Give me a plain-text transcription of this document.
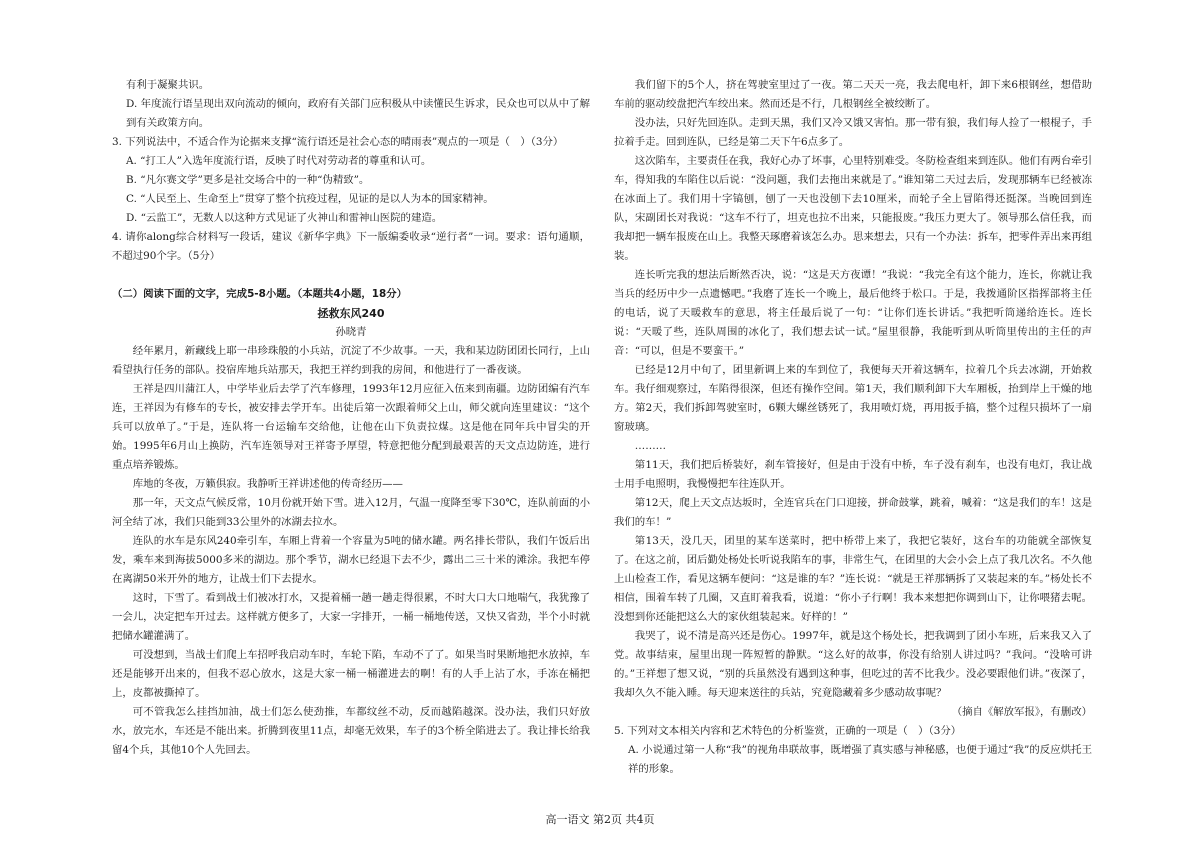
有利于凝聚共识。

D. 年度流行语呈现出双向流动的倾向，政府有关部门应积极从中读懂民生诉求，民众也可以从中了解到有关政策方向。

3. 下列说法中，不适合作为论据来支撑“流行语还是社会心态的晴雨表”观点的一项是（　）（3分）

A. “打工人”入选年度流行语，反映了时代对劳动者的尊重和认可。

B. “凡尔赛文学”更多是社交场合中的一种“伪精致”。

C. “人民至上、生命至上”贯穿了整个抗疫过程，见证的是以人为本的国家精神。

D. “云监工”，无数人以这种方式见证了火神山和雷神山医院的建造。

4. 请你along综合材料写一段话，建议《新华字典》下一版编委收录“逆行者”一词。要求：语句通顺，不超过90个字。（5分）

（二）阅读下面的文字，完成5-8小题。（本题共4小题，18分）

拯救东风240

孙晓青

经年累月，新藏线上耶一串珍珠般的小兵站，沉淀了不少故事。一天，我和某边防团团长同行，上山看望执行任务的部队。投宿库地兵站那天，我把王祥约到我的房间，和他进行了一番夜谈。

王祥是四川蒲江人，中学毕业后去学了汽车修理，1993年12月应征入伍来到南疆。边防团编有汽车连，王祥因为有修车的专长，被安排去学开车。出徒后第一次跟着师父上山，师父就向连里建议：“这个兵可以放单了。”于是，连队将一台运输车交给他，让他在山下负责拉煤。这是他在同年兵中冒尖的开始。1995年6月山上换防，汽车连领导对王祥寄予厚望，特意把他分配到最艰苦的天文点边防连，进行重点培养锻炼。

库地的冬夜，万籁俱寂。我静听王祥讲述他的传奇经历——

那一年，天文点气候反常，10月份就开始下雪。进入12月，气温一度降至零下30℃，连队前面的小河全结了冰，我们只能到33公里外的冰湖去拉水。

连队的水车是东风240牵引车，车厢上背着一个容量为5吨的储水罐。两名排长带队，我们午饭后出发，乘车来到海拔5000多米的湖边。那个季节，湖水已经退下去不少，露出二三十米的滩涂。我把车停在离湖50米开外的地方，让战士们下去提水。

这时，下雪了。看到战士们被冰打水，又提着桶一趟一趟走得很累，不时大口大口地喘气，我犹豫了一会儿，决定把车开过去。这样就方便多了，大家一字排开，一桶一桶地传送，又快又省劲，半个小时就把储水罐灌满了。

可没想到，当战士们爬上车招呼我启动车时，车轮下陷，车动不了了。如果当时果断地把水放掉，车还是能够开出来的，但我不忍心放水，这是大家一桶一桶灌进去的啊！有的人手上沾了水，手冻在桶把上，皮都被撕掉了。

可不管我怎么挂挡加油，战士们怎么使劲推，车都纹丝不动，反而越陷越深。没办法，我们只好放水，放完水，车还是不能出来。折腾到夜里11点，却毫无效果，车子的3个桥全陷进去了。我让排长给我留4个兵，其他10个人先回去。

我们留下的5个人，挤在驾驶室里过了一夜。第二天天一亮，我去爬电杆，卸下来6根钢丝，想借助车前的驱动绞盘把汽车绞出来。然而还是不行，几根钢丝全被绞断了。

没办法，只好先回连队。走到天黑，我们又冷又饿又害怕。那一带有狼，我们每人捡了一根棍子，手拉着手走。回到连队，已经是第二天下午6点多了。

这次陷车，主要责任在我，我好心办了坏事，心里特别难受。冬防检查组来到连队。他们有两台牵引车，得知我的车陷住以后说：“没问题，我们去拖出来就是了。”谁知第二天过去后，发现那辆车已经被冻在冰面上了。我们用十字镐刨，刨了一天也没刨下去10厘米，而轮子全上冒陷得还挺深。当晚回到连队，宋副团长对我说：“这车不行了，坦克也拉不出来，只能报废。”我压力更大了。领导那么信任我，而我却把一辆车报废在山上。我整天琢磨着该怎么办。思来想去，只有一个办法：拆车，把零件弄出来再组装。

连长听完我的想法后断然否决，说：“这是天方夜谭！”我说：“我完全有这个能力，连长，你就让我当兵的经历中少一点遗憾吧。”我磨了连长一个晚上，最后他终于松口。于是，我拨通阶区指挥部将主任的电话，说了天暖救车的意思，将主任最后说了一句：“让你们连长讲话。”我把听筒递给连长。连长说：“天暖了些，连队周围的冰化了，我们想去试一试。”屋里很静，我能听到从听筒里传出的主任的声音：“可以，但是不要蛮干。”

已经是12月中旬了，团里新调上来的车到位了，我便每天开着这辆车，拉着几个兵去冰湖，开始救车。我仔细观察过，车陷得很深，但还有操作空间。第1天，我们顺利卸下大车厢板，抬到岸上干燥的地方。第2天，我们拆卸驾驶室时，6颗大螺丝锈死了，我用喷灯烧，再用扳手搞，整个过程只损坏了一扇窗玻璃。

………

第11天，我们把后桥装好，刹车管接好，但是由于没有中桥，车子没有刹车，也没有电灯，我让战士用手电照明，我慢慢把车往连队开。

第12天，爬上天文点达坂时，全连官兵在门口迎接，拼命鼓掌，跳着，喊着：“这是我们的车！这是我们的车！”

第13天，没几天，团里的某车送菜时，把中桥带上来了，我把它装好，这台车的功能就全部恢复了。在这之前，团后勤处杨处长听说我陷车的事，非常生气，在团里的大会小会上点了我几次名。不久他上山检查工作，看见这辆车便问：“这是谁的车？”连长说：“就是王祥那辆拆了又装起来的车。”杨处长不相信，围着车转了几圈，又直盯着我看，说道：“你小子行啊！我本来想把你调到山下，让你喂猪去呢。没想到你还能把这么大的家伙组装起来。好样的！”

我哭了，说不清是高兴还是伤心。1997年，就是这个杨处长，把我调到了团小车班，后来我又入了党。故事结束，屋里出现一阵短暂的静默。“这么好的故事，你没有给别人讲过吗？”我问。“没啥可讲的。”王祥想了想又说，“别的兵虽然没有遇到这种事，但吃过的苦不比我少。没必要跟他们讲。”夜深了，我却久久不能入睡。每天迎来送往的兵站，究竟隐藏着多少感动故事呢？

（摘自《解放军报》，有删改）

5. 下列对文本相关内容和艺术特色的分析鉴赏，正确的一项是（　）（3分）

A. 小说通过第一人称“我”的视角串联故事，既增强了真实感与神秘感，也便于通过“我”的反应烘托王祥的形象。

高一语文 第2页 共4页
